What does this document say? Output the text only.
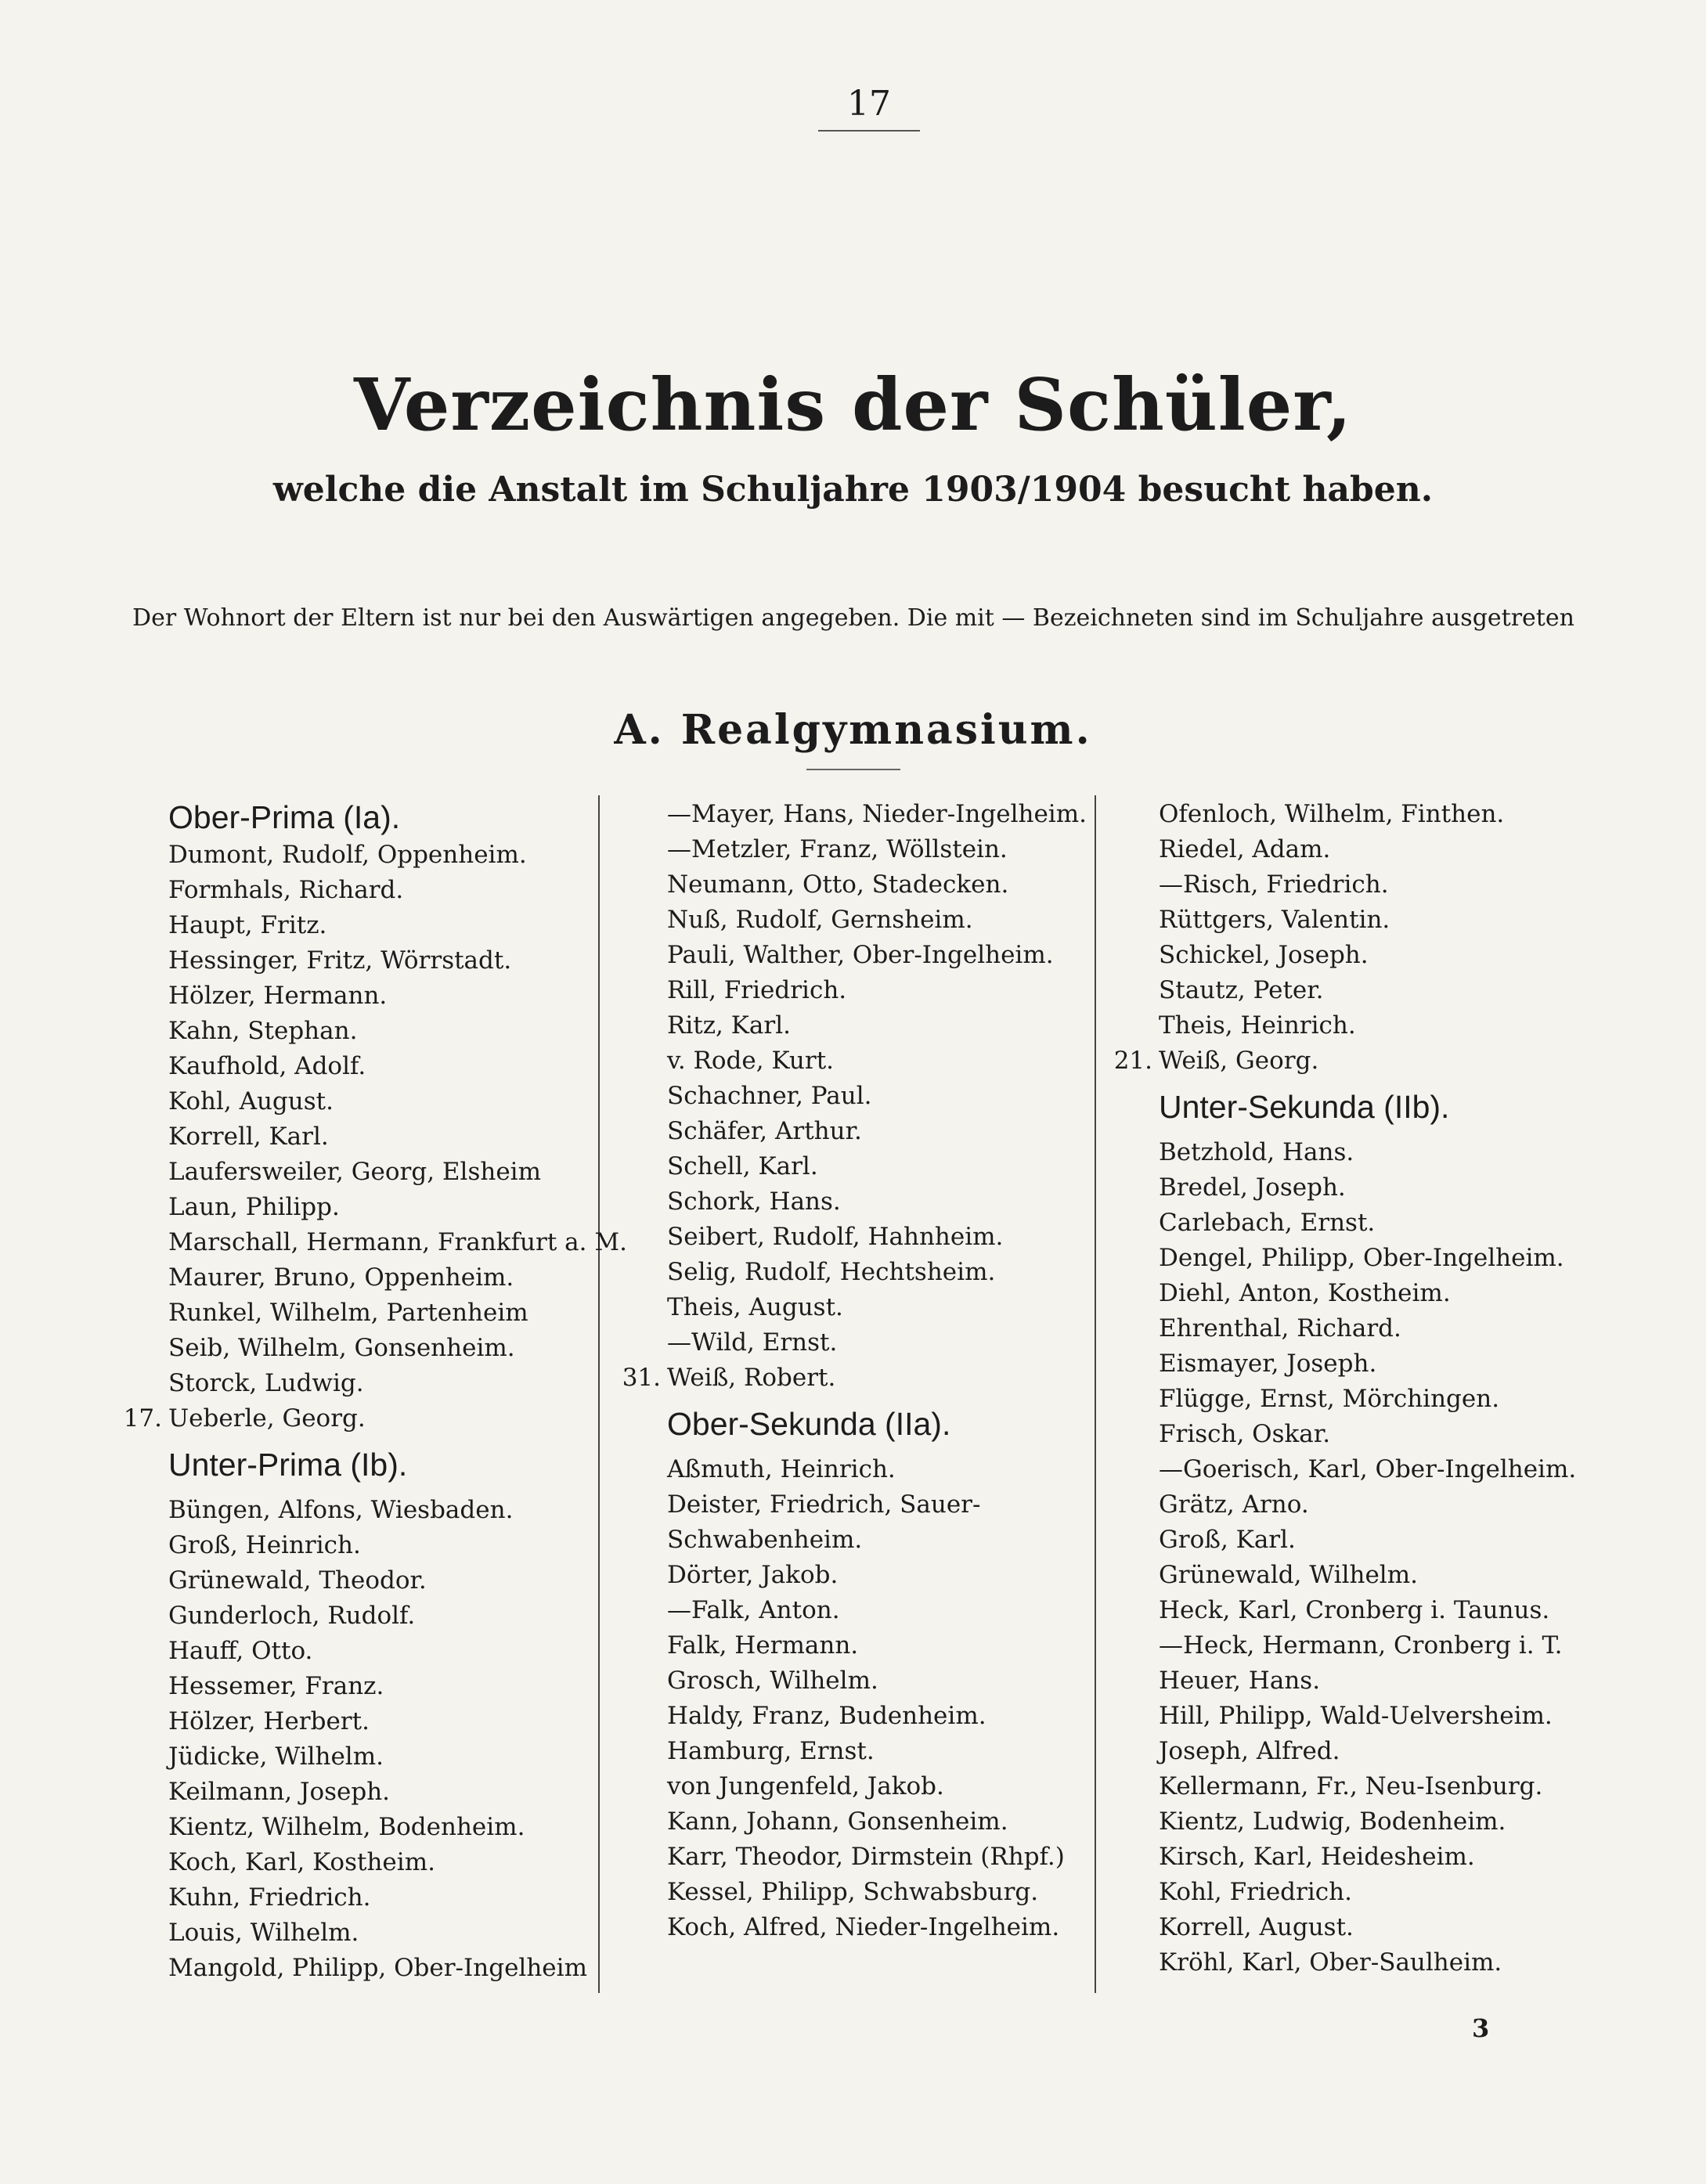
17
Verzeichnis der Schüler,
welche die Anstalt im Schuljahre 1903/1904 besucht haben.
Der Wohnort der Eltern ist nur bei den Auswärtigen angegeben. Die mit — Bezeichneten sind im Schuljahre ausgetreten
A. Realgymnasium.
Ober-Prima (Ia).
Dumont, Rudolf, Oppenheim.
Formhals, Richard.
Haupt, Fritz.
Hessinger, Fritz, Wörrstadt.
Hölzer, Hermann.
Kahn, Stephan.
Kaufhold, Adolf.
Kohl, August.
Korrell, Karl.
Laufersweiler, Georg, Elsheim
Laun, Philipp.
Marschall, Hermann, Frankfurt a. M.
Maurer, Bruno, Oppenheim.
Runkel, Wilhelm, Partenheim
Seib, Wilhelm, Gonsenheim.
Storck, Ludwig.
17. Ueberle, Georg.
Unter-Prima (Ib).
Büngen, Alfons, Wiesbaden.
Groß, Heinrich.
Grünewald, Theodor.
Gunderloch, Rudolf.
Hauff, Otto.
Hessemer, Franz.
Hölzer, Herbert.
Jüdicke, Wilhelm.
Keilmann, Joseph.
Kientz, Wilhelm, Bodenheim.
Koch, Karl, Kostheim.
Kuhn, Friedrich.
Louis, Wilhelm.
Mangold, Philipp, Ober-Ingelheim
—Mayer, Hans, Nieder-Ingelheim.
—Metzler, Franz, Wöllstein.
Neumann, Otto, Stadecken.
Nuß, Rudolf, Gernsheim.
Pauli, Walther, Ober-Ingelheim.
Rill, Friedrich.
Ritz, Karl.
v. Rode, Kurt.
Schachner, Paul.
Schäfer, Arthur.
Schell, Karl.
Schork, Hans.
Seibert, Rudolf, Hahnheim.
Selig, Rudolf, Hechtsheim.
Theis, August.
—Wild, Ernst.
31. Weiß, Robert.
Ober-Sekunda (IIa).
Aßmuth, Heinrich.
Deister, Friedrich, Sauer-
Schwabenheim.
Dörter, Jakob.
—Falk, Anton.
Falk, Hermann.
Grosch, Wilhelm.
Haldy, Franz, Budenheim.
Hamburg, Ernst.
von Jungenfeld, Jakob.
Kann, Johann, Gonsenheim.
Karr, Theodor, Dirmstein (Rhpf.)
Kessel, Philipp, Schwabsburg.
Koch, Alfred, Nieder-Ingelheim.
Ofenloch, Wilhelm, Finthen.
Riedel, Adam.
—Risch, Friedrich.
Rüttgers, Valentin.
Schickel, Joseph.
Stautz, Peter.
Theis, Heinrich.
21. Weiß, Georg.
Unter-Sekunda (IIb).
Betzhold, Hans.
Bredel, Joseph.
Carlebach, Ernst.
Dengel, Philipp, Ober-Ingelheim.
Diehl, Anton, Kostheim.
Ehrenthal, Richard.
Eismayer, Joseph.
Flügge, Ernst, Mörchingen.
Frisch, Oskar.
—Goerisch, Karl, Ober-Ingelheim.
Grätz, Arno.
Groß, Karl.
Grünewald, Wilhelm.
Heck, Karl, Cronberg i. Taunus.
—Heck, Hermann, Cronberg i. T.
Heuer, Hans.
Hill, Philipp, Wald-Uelversheim.
Joseph, Alfred.
Kellermann, Fr., Neu-Isenburg.
Kientz, Ludwig, Bodenheim.
Kirsch, Karl, Heidesheim.
Kohl, Friedrich.
Korrell, August.
Kröhl, Karl, Ober-Saulheim.
3
